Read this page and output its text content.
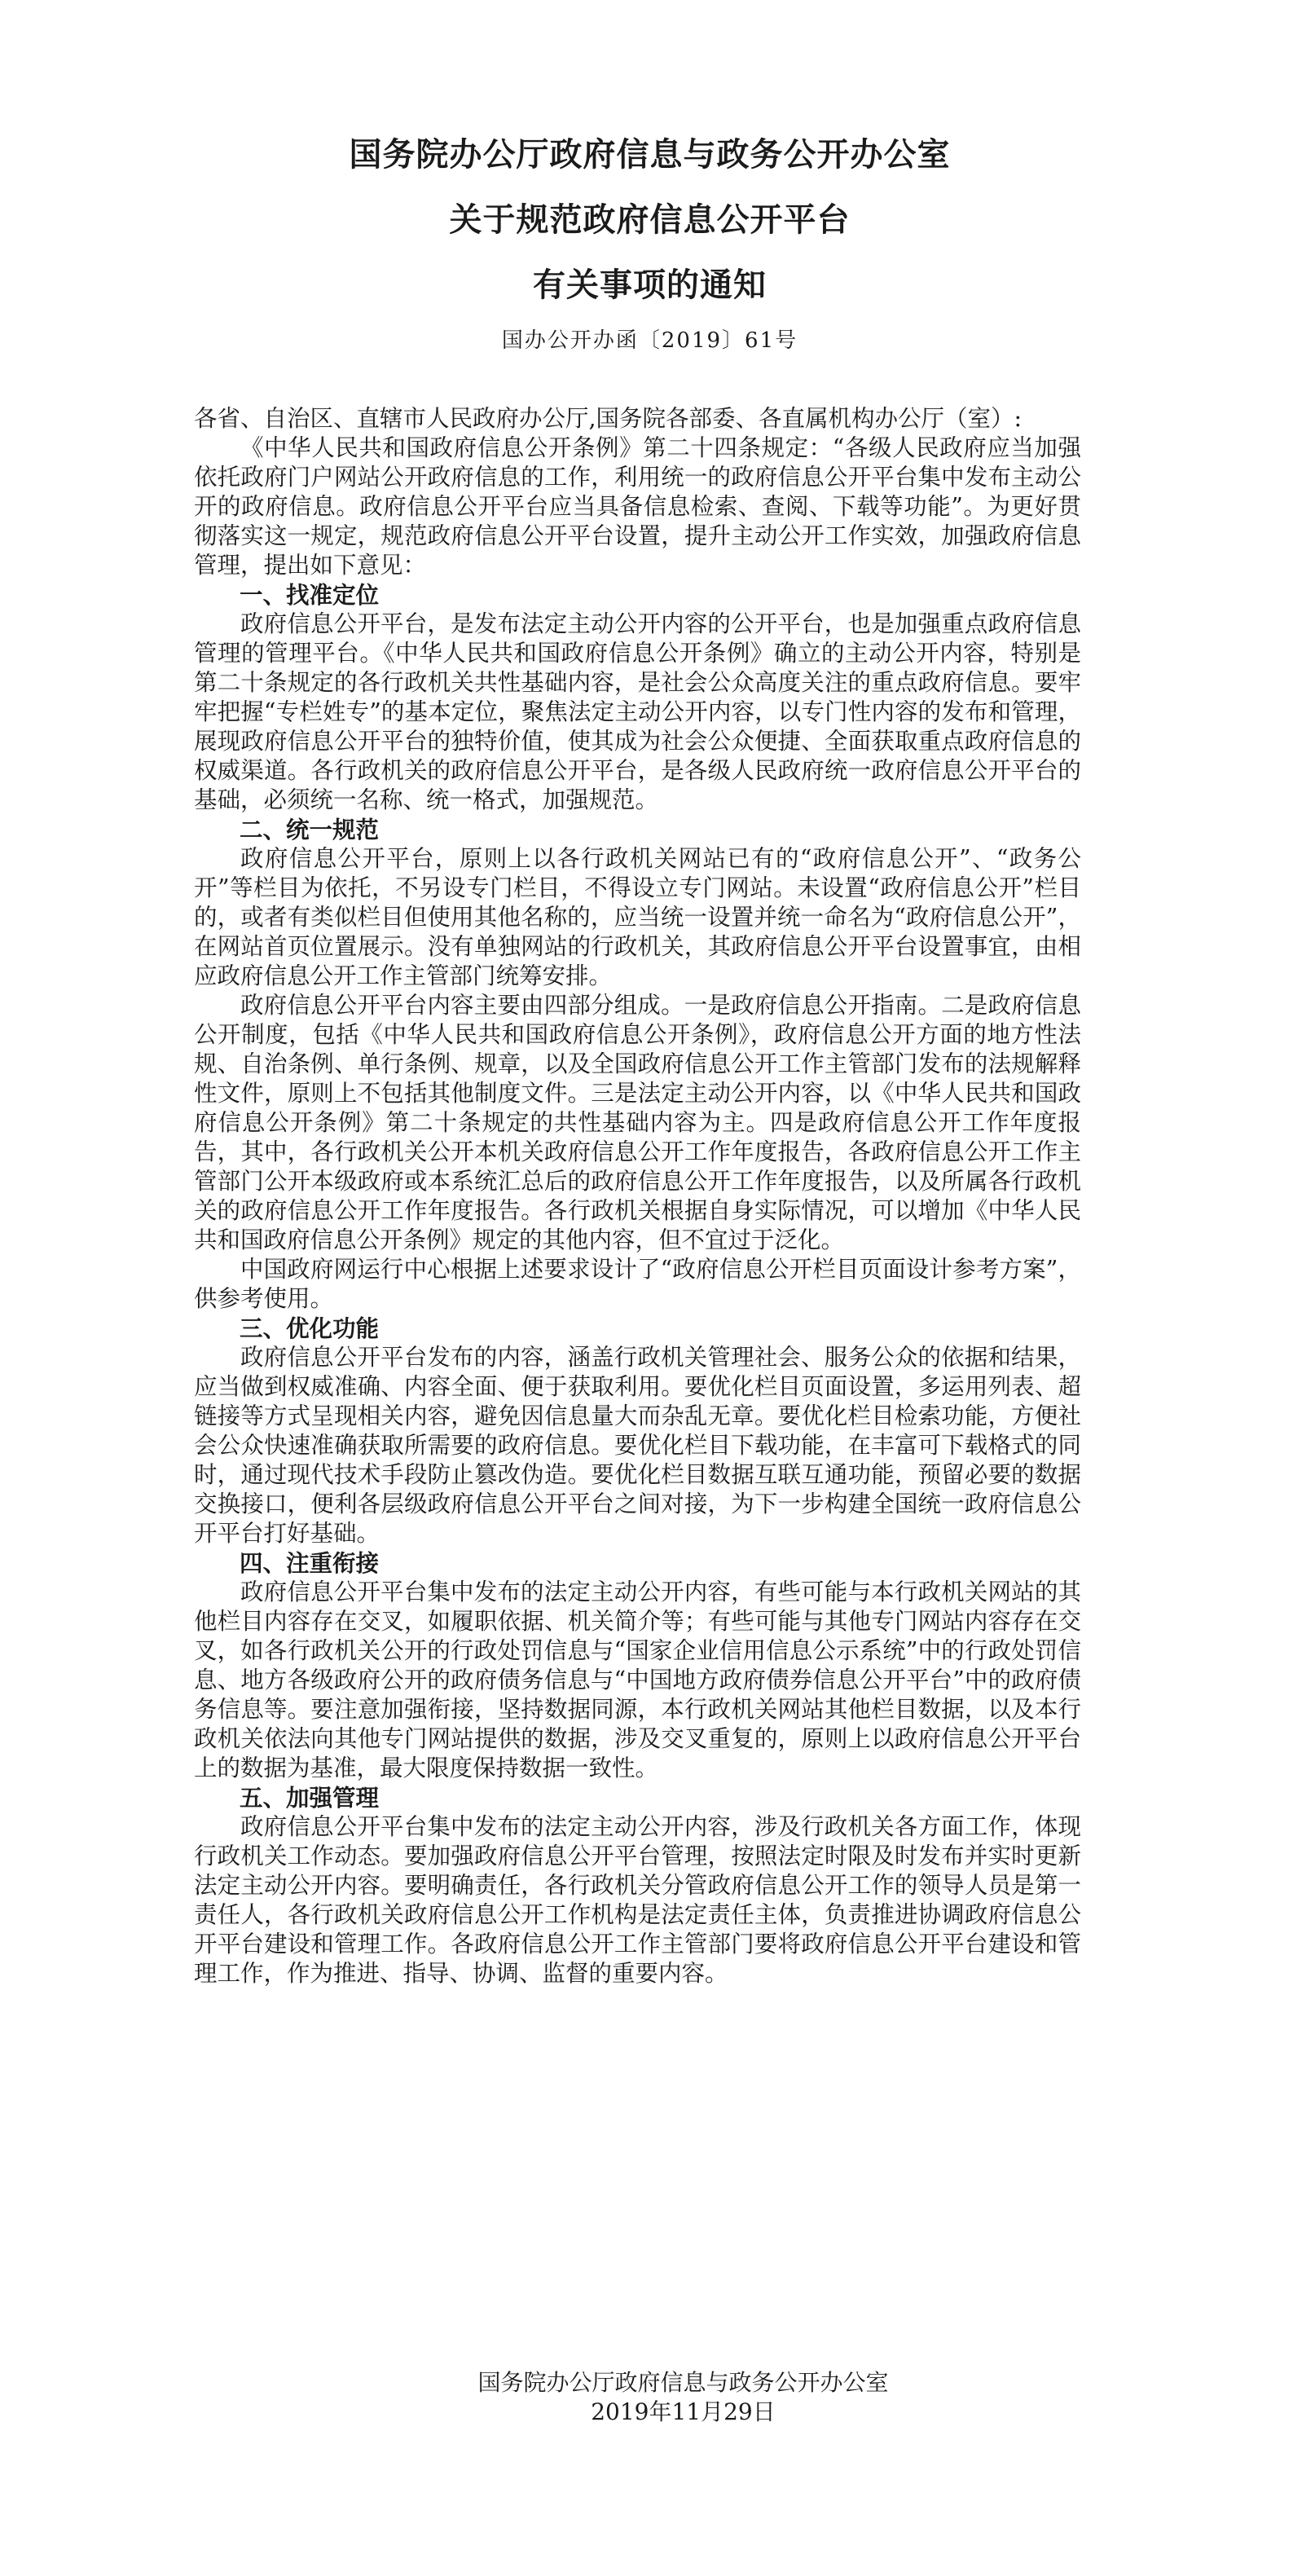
国务院办公厅政府信息与政务公开办公室
关于规范政府信息公开平台
有关事项的通知
国办公开办函〔2019〕61号

各省、自治区、直辖市人民政府办公厅,国务院各部委、各直属机构办公厅（室）:

《中华人民共和国政府信息公开条例》第二十四条规定：“各级人民政府应当加强依托政府门户网站公开政府信息的工作，利用统一的政府信息公开平台集中发布主动公开的政府信息。政府信息公开平台应当具备信息检索、查阅、下载等功能”。为更好贯彻落实这一规定，规范政府信息公开平台设置，提升主动公开工作实效，加强政府信息管理，提出如下意见：

一、找准定位

政府信息公开平台，是发布法定主动公开内容的公开平台，也是加强重点政府信息管理的管理平台。《中华人民共和国政府信息公开条例》确立的主动公开内容，特别是第二十条规定的各行政机关共性基础内容，是社会公众高度关注的重点政府信息。要牢牢把握“专栏姓专”的基本定位，聚焦法定主动公开内容，以专门性内容的发布和管理，展现政府信息公开平台的独特价值，使其成为社会公众便捷、全面获取重点政府信息的权威渠道。各行政机关的政府信息公开平台，是各级人民政府统一政府信息公开平台的基础，必须统一名称、统一格式，加强规范。

二、统一规范

政府信息公开平台，原则上以各行政机关网站已有的“政府信息公开”、“政务公开”等栏目为依托，不另设专门栏目，不得设立专门网站。未设置“政府信息公开”栏目的，或者有类似栏目但使用其他名称的，应当统一设置并统一命名为“政府信息公开”，在网站首页位置展示。没有单独网站的行政机关，其政府信息公开平台设置事宜，由相应政府信息公开工作主管部门统筹安排。

政府信息公开平台内容主要由四部分组成。一是政府信息公开指南。二是政府信息公开制度，包括《中华人民共和国政府信息公开条例》，政府信息公开方面的地方性法规、自治条例、单行条例、规章，以及全国政府信息公开工作主管部门发布的法规解释性文件，原则上不包括其他制度文件。三是法定主动公开内容，以《中华人民共和国政府信息公开条例》第二十条规定的共性基础内容为主。四是政府信息公开工作年度报告，其中，各行政机关公开本机关政府信息公开工作年度报告，各政府信息公开工作主管部门公开本级政府或本系统汇总后的政府信息公开工作年度报告，以及所属各行政机关的政府信息公开工作年度报告。各行政机关根据自身实际情况，可以增加《中华人民共和国政府信息公开条例》规定的其他内容，但不宜过于泛化。

中国政府网运行中心根据上述要求设计了“政府信息公开栏目页面设计参考方案”，供参考使用。

三、优化功能

政府信息公开平台发布的内容，涵盖行政机关管理社会、服务公众的依据和结果，应当做到权威准确、内容全面、便于获取利用。要优化栏目页面设置，多运用列表、超链接等方式呈现相关内容，避免因信息量大而杂乱无章。要优化栏目检索功能，方便社会公众快速准确获取所需要的政府信息。要优化栏目下载功能，在丰富可下载格式的同时，通过现代技术手段防止篡改伪造。要优化栏目数据互联互通功能，预留必要的数据交换接口，便利各层级政府信息公开平台之间对接，为下一步构建全国统一政府信息公开平台打好基础。

四、注重衔接

政府信息公开平台集中发布的法定主动公开内容，有些可能与本行政机关网站的其他栏目内容存在交叉，如履职依据、机关简介等；有些可能与其他专门网站内容存在交叉，如各行政机关公开的行政处罚信息与“国家企业信用信息公示系统”中的行政处罚信息、地方各级政府公开的政府债务信息与“中国地方政府债券信息公开平台”中的政府债务信息等。要注意加强衔接，坚持数据同源，本行政机关网站其他栏目数据，以及本行政机关依法向其他专门网站提供的数据，涉及交叉重复的，原则上以政府信息公开平台上的数据为基准，最大限度保持数据一致性。

五、加强管理

政府信息公开平台集中发布的法定主动公开内容，涉及行政机关各方面工作，体现行政机关工作动态。要加强政府信息公开平台管理，按照法定时限及时发布并实时更新法定主动公开内容。要明确责任，各行政机关分管政府信息公开工作的领导人员是第一责任人，各行政机关政府信息公开工作机构是法定责任主体，负责推进协调政府信息公开平台建设和管理工作。各政府信息公开工作主管部门要将政府信息公开平台建设和管理工作，作为推进、指导、协调、监督的重要内容。

国务院办公厅政府信息与政务公开办公室
2019年11月29日
